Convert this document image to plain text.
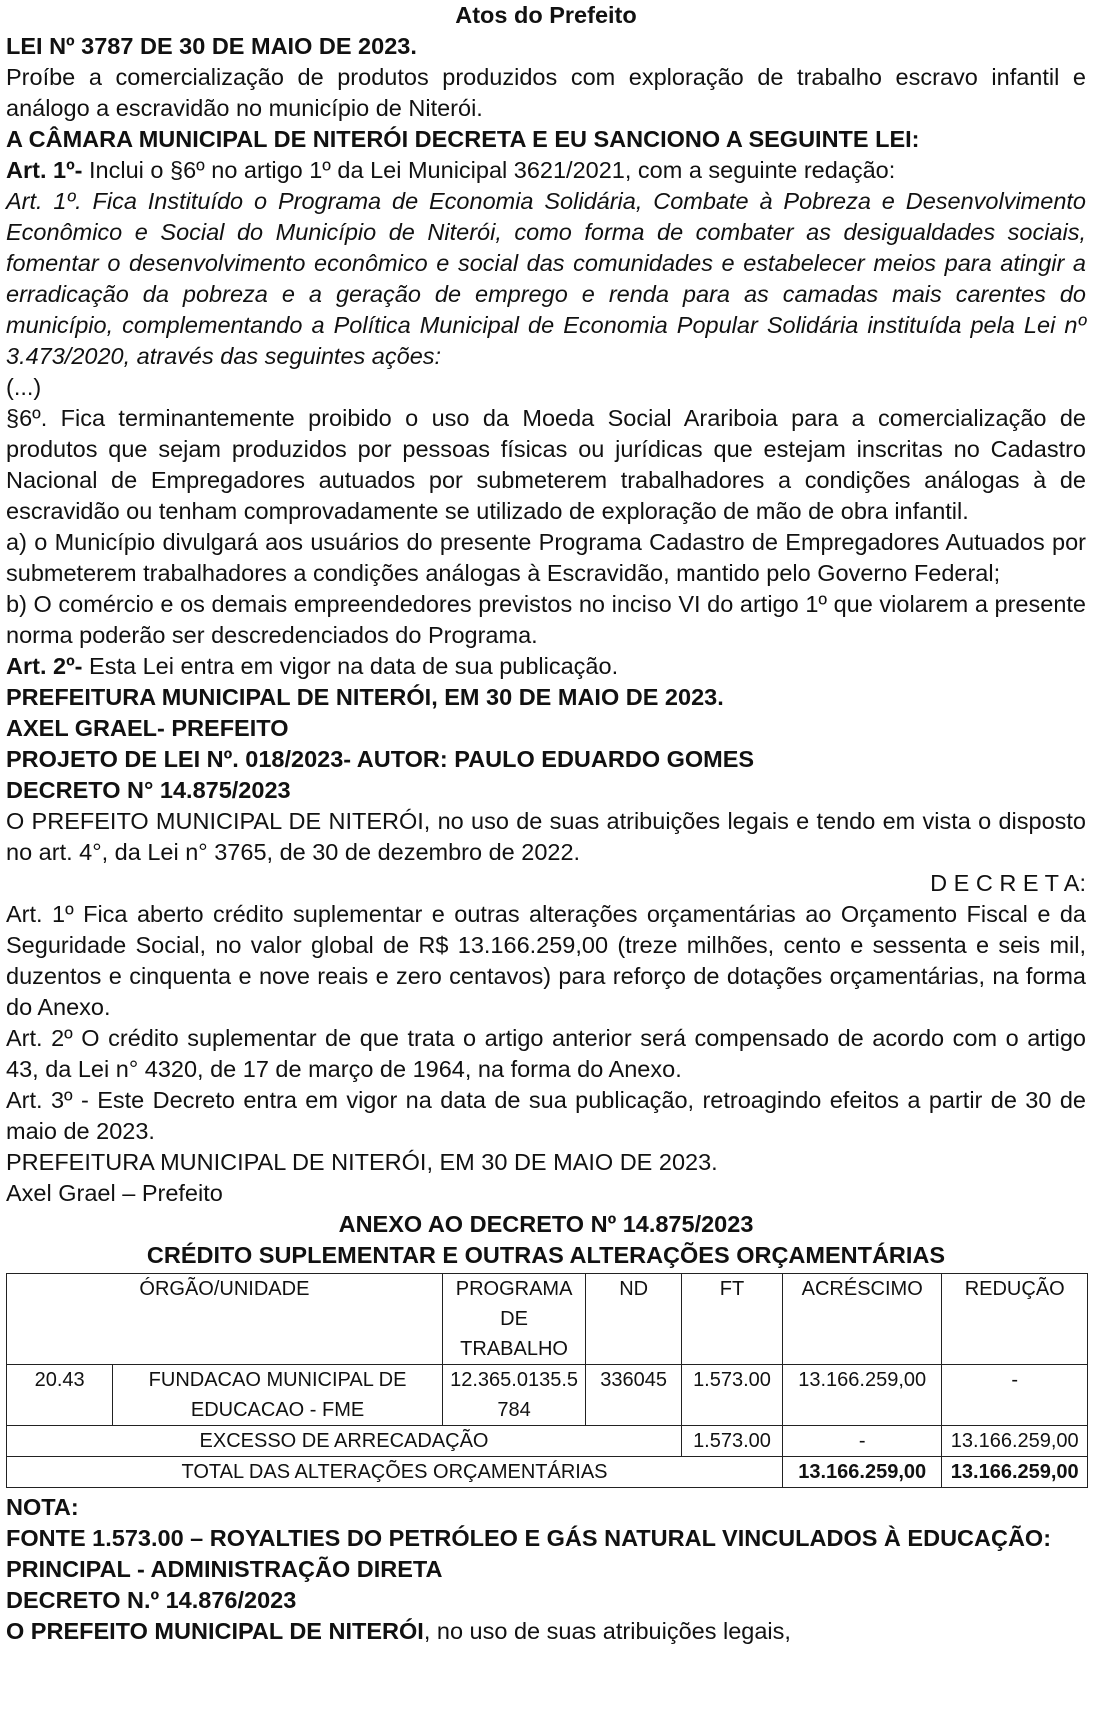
Atos do Prefeito
LEI Nº 3787 DE 30 DE MAIO DE 2023.
Proíbe a comercialização de produtos produzidos com exploração de trabalho escravo infantil e análogo a escravidão no município de Niterói.
A CÂMARA MUNICIPAL DE NITERÓI DECRETA E EU SANCIONO A SEGUINTE LEI:
Art. 1º- Inclui o §6º no artigo 1º da Lei Municipal 3621/2021, com a seguinte redação:
Art. 1º. Fica Instituído o Programa de Economia Solidária, Combate à Pobreza e Desenvolvimento Econômico e Social do Município de Niterói, como forma de combater as desigualdades sociais, fomentar o desenvolvimento econômico e social das comunidades e estabelecer meios para atingir a erradicação da pobreza e a geração de emprego e renda para as camadas mais carentes do município, complementando a Política Municipal de Economia Popular Solidária instituída pela Lei nº 3.473/2020, através das seguintes ações:
(...)
§6º. Fica terminantemente proibido o uso da Moeda Social Arariboia para a comercialização de produtos que sejam produzidos por pessoas físicas ou jurídicas que estejam inscritas no Cadastro Nacional de Empregadores autuados por submeterem trabalhadores a condições análogas à de escravidão ou tenham comprovadamente se utilizado de exploração de mão de obra infantil.
a) o Município divulgará aos usuários do presente Programa Cadastro de Empregadores Autuados por submeterem trabalhadores a condições análogas à Escravidão, mantido pelo Governo Federal;
b) O comércio e os demais empreendedores previstos no inciso VI do artigo 1º que violarem a presente norma poderão ser descredenciados do Programa.
Art. 2º- Esta Lei entra em vigor na data de sua publicação.
PREFEITURA MUNICIPAL DE NITERÓI, EM 30 DE MAIO DE 2023.
AXEL GRAEL- PREFEITO
PROJETO DE LEI Nº. 018/2023- AUTOR: PAULO EDUARDO GOMES
DECRETO N° 14.875/2023
O PREFEITO MUNICIPAL DE NITERÓI, no uso de suas atribuições legais e tendo em vista o disposto no art. 4°, da Lei n° 3765, de 30 de dezembro de 2022.
D E C R E T A:
Art. 1º Fica aberto crédito suplementar e outras alterações orçamentárias ao Orçamento Fiscal e da Seguridade Social, no valor global de R$ 13.166.259,00 (treze milhões, cento e sessenta e seis mil, duzentos e cinquenta e nove reais e zero centavos) para reforço de dotações orçamentárias, na forma do Anexo.
Art. 2º O crédito suplementar de que trata o artigo anterior será compensado de acordo com o artigo 43, da Lei n° 4320, de 17 de março de 1964, na forma do Anexo.
Art. 3º - Este Decreto entra em vigor na data de sua publicação, retroagindo efeitos a partir de 30 de maio de 2023.
PREFEITURA MUNICIPAL DE NITERÓI, EM 30 DE MAIO DE 2023.
Axel Grael – Prefeito
ANEXO AO DECRETO Nº 14.875/2023
CRÉDITO SUPLEMENTAR E OUTRAS ALTERAÇÕES ORÇAMENTÁRIAS
ÓRGÃO/UNIDADE		PROGRAMA DE TRABALHO	ND	FT	ACRÉSCIMO	REDUÇÃO
20.43	FUNDACAO MUNICIPAL DE EDUCACAO - FME	12.365.0135.5784	336045	1.573.00	13.166.259,00	-
EXCESSO DE ARRECADAÇÃO				1.573.00	-	13.166.259,00
TOTAL DAS ALTERAÇÕES ORÇAMENTÁRIAS					13.166.259,00	13.166.259,00
NOTA:
FONTE 1.573.00 – ROYALTIES DO PETRÓLEO E GÁS NATURAL VINCULADOS À EDUCAÇÃO: PRINCIPAL - ADMINISTRAÇÃO DIRETA
DECRETO N.º 14.876/2023
O PREFEITO MUNICIPAL DE NITERÓI, no uso de suas atribuições legais,
